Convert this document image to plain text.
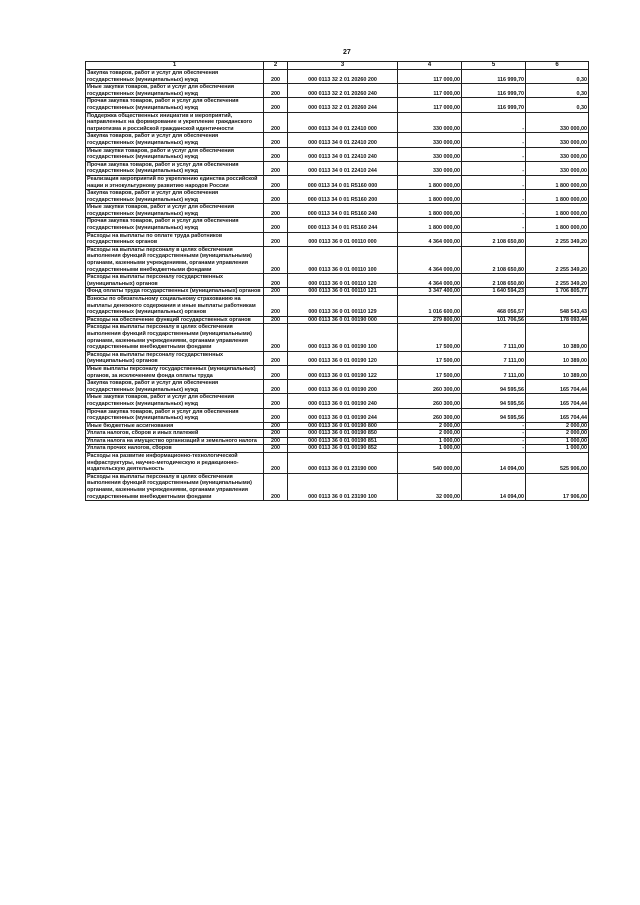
27
1	2	3	4	5	6
Закупка товаров, работ и услуг для обеспечения государственных (муниципальных) нужд	200	000 0113 32 2 01 20260 200	117 000,00	116 999,70	0,30
Иные закупки товаров, работ и услуг для обеспечения государственных (муниципальных) нужд	200	000 0113 32 2 01 20260 240	117 000,00	116 999,70	0,30
Прочая закупка товаров, работ и услуг для обеспечения государственных (муниципальных) нужд	200	000 0113 32 2 01 20260 244	117 000,00	116 999,70	0,30
Поддержка общественных инициатив и мероприятий, направленных на формирование и укрепление гражданского патриотизма и российской гражданской идентичности	200	000 0113 34 0 01 22410 000	330 000,00	-	330 000,00
Закупка товаров, работ и услуг для обеспечения государственных (муниципальных) нужд	200	000 0113 34 0 01 22410 200	330 000,00	-	330 000,00
Иные закупки товаров, работ и услуг для обеспечения государственных (муниципальных) нужд	200	000 0113 34 0 01 22410 240	330 000,00	-	330 000,00
Прочая закупка товаров, работ и услуг для обеспечения государственных (муниципальных) нужд	200	000 0113 34 0 01 22410 244	330 000,00	-	330 000,00
Реализация мероприятий по укреплению единства российской нации и этнокультурному развитию народов России	200	000 0113 34 0 01 R5160 000	1 800 000,00	-	1 800 000,00
Закупка товаров, работ и услуг для обеспечения государственных (муниципальных) нужд	200	000 0113 34 0 01 R5160 200	1 800 000,00	-	1 800 000,00
Иные закупки товаров, работ и услуг для обеспечения государственных (муниципальных) нужд	200	000 0113 34 0 01 R5160 240	1 800 000,00	-	1 800 000,00
Прочая закупка товаров, работ и услуг для обеспечения государственных (муниципальных) нужд	200	000 0113 34 0 01 R5160 244	1 800 000,00	-	1 800 000,00
Расходы на выплаты по оплате труда работников государственных органов	200	000 0113 36 0 01 00110 000	4 364 000,00	2 108 650,80	2 255 349,20
Расходы на выплаты персоналу в целях обеспечения выполнения функций государственными (муниципальными) органами, казенными учреждениями, органами управления государственными внебюджетными фондами	200	000 0113 36 0 01 00110 100	4 364 000,00	2 108 650,80	2 255 349,20
Расходы на выплаты персоналу государственных (муниципальных) органов	200	000 0113 36 0 01 00110 120	4 364 000,00	2 108 650,80	2 255 349,20
Фонд оплаты труда государственных (муниципальных) органов	200	000 0113 36 0 01 00110 121	3 347 400,00	1 640 594,23	1 706 805,77
Взносы по обязательному социальному страхованию на выплаты денежного содержания и иные выплаты работникам государственных (муниципальных) органов	200	000 0113 36 0 01 00110 129	1 016 600,00	468 056,57	548 543,43
Расходы на обеспечение функций государственных органов	200	000 0113 36 0 01 00190 000	279 800,00	101 706,56	178 093,44
Расходы на выплаты персоналу в целях обеспечения выполнения функций государственными (муниципальными) органами, казенными учреждениями, органами управления государственными внебюджетными фондами	200	000 0113 36 0 01 00190 100	17 500,00	7 111,00	10 389,00
Расходы на выплаты персоналу государственных (муниципальных) органов	200	000 0113 36 0 01 00190 120	17 500,00	7 111,00	10 389,00
Иные выплаты персоналу государственных (муниципальных) органов, за исключением фонда оплаты труда	200	000 0113 36 0 01 00190 122	17 500,00	7 111,00	10 389,00
Закупка товаров, работ и услуг для обеспечения государственных (муниципальных) нужд	200	000 0113 36 0 01 00190 200	260 300,00	94 595,56	165 704,44
Иные закупки товаров, работ и услуг для обеспечения государственных (муниципальных) нужд	200	000 0113 36 0 01 00190 240	260 300,00	94 595,56	165 704,44
Прочая закупка товаров, работ и услуг для обеспечения государственных (муниципальных) нужд	200	000 0113 36 0 01 00190 244	260 300,00	94 595,56	165 704,44
Иные бюджетные ассигнования	200	000 0113 36 0 01 00190 800	2 000,00	-	2 000,00
Уплата налогов, сборов и иных платежей	200	000 0113 36 0 01 00190 850	2 000,00	-	2 000,00
Уплата налога на имущество организаций и земельного налога	200	000 0113 36 0 01 00190 851	1 000,00	-	1 000,00
Уплата прочих налогов, сборов	200	000 0113 36 0 01 00190 852	1 000,00	-	1 000,00
Расходы на развитие информационно-технологической инфраструктуры, научно-методическую и редакционно-издательскую деятельность	200	000 0113 36 0 01 23190 000	540 000,00	14 094,00	525 906,00
Расходы на выплаты персоналу в целях обеспечения выполнения функций государственными (муниципальными) органами, казенными учреждениями, органами управления государственными внебюджетными фондами	200	000 0113 36 0 01 23190 100	32 000,00	14 094,00	17 906,00
